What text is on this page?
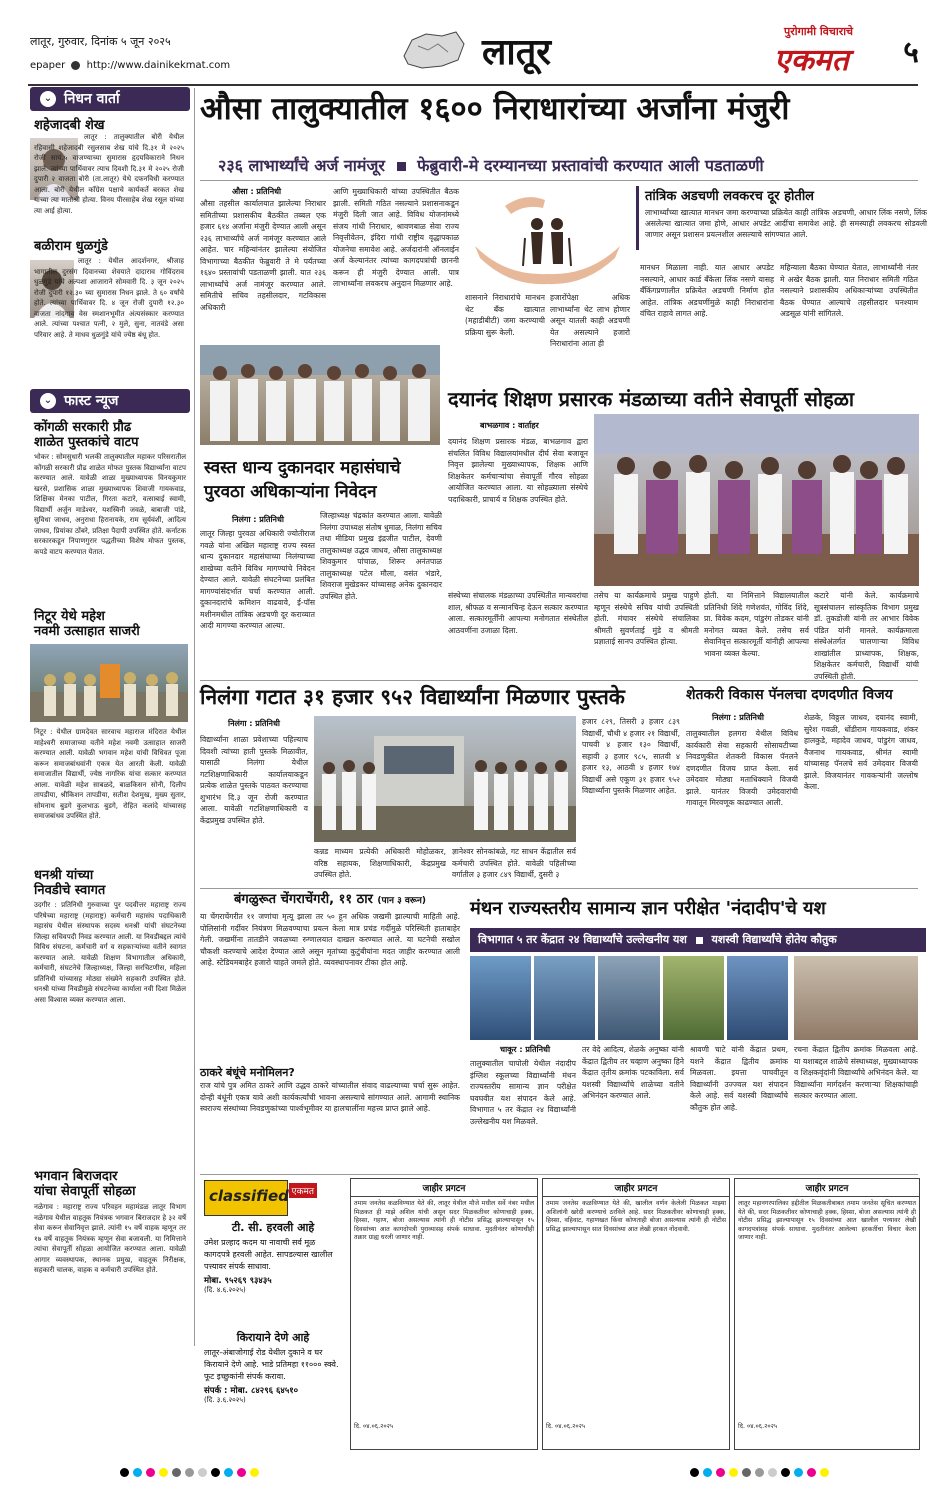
लातूर, गुरुवार, दिनांक ५ जून २०२५
epaper http://www.dainikekmat.com	लातूर	पुरोगामी विचाराचे
एकमत ५
⌄ निधन वार्ता
शहेजादबी शेख
लातूर : तालुक्यातील बोरी येथील रहिवासी शहेजादबी रसुलसाब शेख यांचे दि.३१ मे २०२५ रोजी सायं.५ वाजण्याच्या सुमारास हृदयविकाराने निधन झाले. त्यांच्या पार्थिवावर त्याच दिवशी दि.३१ मे २०२५ रोजी दुपारी २ वाजता बोरी (ता.लातूर) येथे दफनविधी करण्यात आला. बोरी येथील कॉंग्रेस पक्षाचे कार्यकर्ते बरकत शेख यांच्या त्या मातोश्री होत्या. विनय पीरसाहेब शेख रसूल यांच्या त्या आई होत्या.
बळीराम धुळगुंडे
लातूर : येथील आदर्शनगर, श्रीजाह भागातील दुरसंग दिवानच्या शेवयाते दादाराव गोविंदराव धुळगुंडे यांचे अल्पशा आजाराने सोमवारी दि. ३ जून २०२५ रोजी दुपारी १२.३० च्या सुमारास निधन झाले. ते ६० वर्षांचे होते. त्यांच्या पार्थिवावर दि. ४ जून रोजी दुपारी १२.३० वाजता नांदगाव वेस स्मशानभूमीत अंत्यसंस्कार करण्यात आले. त्यांच्या पश्चात पत्नी, २ मुले, सुना, नातवंडे असा परिवार आहे. ते माधव धुळगुंडे यांचे ज्येष्ठ बंधू होत.
⌄ फास्ट न्यूज
कोंगळी सरकारी प्रौढ
शाळेत पुस्तकांचे वाटप
भोकर : सोमसुधारी भलकी तालुक्यातील महाकर परिसरातील कोंगळी सरकारी प्रौढ शाळेत मोफत पुस्तक विद्यार्थ्यांना वाटप करण्यात आले. यावेळी शाळा मुख्याध्यापक विनयकुमार खरसे, प्रशासिक शाळा मुख्याध्यापक शिवाजी गायकवाड, शिक्षिका मेनका पाटील, गिरता कटारे, वत्साबाई स्वामी, विद्यार्थी अर्जुन माडेश्वर, यशस्विनी जवळे, बाबाजी पांडे, सुविधा जाधव, अनुराधा हिरानायके, राम सूर्यवंशी, आदित्य जाधव, प्रियांका ठोंबरे, प्रतिक्षा पैदापी उपस्थित होते. कर्नाटक सरकारकडून निपाणगुरार पद्धतीच्या विशेष मोफत पुस्तक, कपडे वाटप करण्यात येतात.
निटूर येथे महेश
नवमी उत्साहात साजरी
निटूर : येथील ग्रामदेवत सारवाच महाराज मंदिरात येथील माहेश्वरी समाजाच्या वतीने महेश नवमी उत्साहात साजरी करण्यात आली. यावेळी भगवान महेश यांची विधिवत पूजा करून समाजबांधवांनी एकत्र येत आरती केली. यावेळी समाजातील विद्यार्थी, ज्येष्ठ नागरिक यांचा सत्कार करण्यात आला. यावेळी महेश साबळदे, बाळकिसन सोनी, दिलीप तापडीया, श्रीकिशन तापडीया, सतीश देशमुख, मुख्य सुतार, सोमनाथ बुडगे कुलभाऊ बुडगे, रोहित कलांदे यांच्यासह समाजबांधव उपस्थित होते.
धनश्री यांच्या
निवडीचे स्वागत
उदगीर : प्रतिनिधी गुरुवाच्या पुर पदवीत्तर महाराष्ट्र राज्य परिषेच्या महाराष्ट्र (महाराष्ट्र) कर्मचारी महासंघ पदाधिकारी महासंघ येथील संस्थापक सदस्य धनश्री यांची संघटनेच्या जिल्हा सचिवपदी निवड करण्यात आली. या निवडीबद्दल त्यांचे विविध संघटना, कर्मचारी वर्ग व सहकाऱ्यांच्या वतीने स्वागत करण्यात आले. यावेळी शिक्षण विभागातील अधिकारी, कर्मचारी, संघटनेचे जिल्हाध्यक्ष, जिल्हा सरचिटणीस, महिला प्रतिनिधी यांच्यासह मोठ्या संख्येने सहकारी उपस्थित होते. धनश्री यांच्या निवडीमुळे संघटनेच्या कार्याला नवी दिशा मिळेल असा विश्वास व्यक्त करण्यात आला.
भगवान बिराजदार
यांचा सेवापूर्ती सोहळा
नळेगाव : महाराष्ट्र राज्य परिवहन महामंडळ लातूर विभाग नळेगाव येथील वाहतूक नियंत्रक भगवान बिराजदार हे ३२ वर्षे सेवा करून सेवानिवृत्त झाले. त्यांनी १५ वर्षे वाहक म्हणून तर १७ वर्षे वाहतूक नियंत्रक म्हणून सेवा बजावली. या निमित्ताने त्यांचा सेवापूर्ती सोहळा आयोजित करण्यात आला. यावेळी आगार व्यवस्थापक, स्थानक प्रमुख, वाहतूक निरीक्षक, सहकारी चालक, वाहक व कर्मचारी उपस्थित होते.
औसा तालुक्यातील १६०० निराधारांच्या अर्जांना मंजुरी
२३६ लाभार्थ्यांचे अर्ज नामंजूर फेब्रुवारी-मे दरम्यानच्या प्रस्तावांची करण्यात आली पडताळणी
औसा : प्रतिनिधी
औसा तहसील कार्यालयात झालेल्या निराधार समितीच्या प्रशासकीय बैठकीत तब्बल एक हजार ६१४ अर्जांना मंजुरी देण्यात आली असून २३६ लाभार्थ्यांचे अर्ज नामंजूर करण्यात आले आहेत. चार महिन्यांनंतर झालेल्या संयोजित विभागाच्या बैठकीत फेब्रुवारी ते मे पर्यंतच्या १६४० प्रस्तावांची पडताळणी झाली. यात २३६ लाभार्थ्यांचे अर्ज नामंजूर करण्यात आले. समितीचे सचिव तहसीलदार, गटविकास अधिकारी
आणि मुख्याधिकारी यांच्या उपस्थितीत बैठक झाली. समिती गठित नसल्याने प्रशासनाकडून मंजुरी दिली जात आहे. विविध योजनांमध्ये संजय गांधी निराधार, श्रावणबाळ सेवा राज्य निवृत्तीवेतन, इंदिरा गांधी राष्ट्रीय वृद्धापकाळ योजनेचा समावेश आहे. अर्जदारांनी ऑनलाईन अर्ज केल्यानंतर त्यांच्या कागदपत्रांची छाननी करून ही मंजुरी देण्यात आली. पात्र लाभार्थ्यांना लवकरच अनुदान मिळणार आहे.
शासनाने निराधारांचे मानधन थेट बँक खात्यात (महाडीबीटी) जमा करण्याची प्रक्रिया सुरू केली.
हजारोंपेक्षा अधिक लाभार्थ्यांना थेट लाभ होणार असून यातली काही अडचणी येत असल्याने हजारो निराधारांना आता ही
तांत्रिक अडचणी लवकरच दूर होतील
लाभार्थ्यांच्या खात्यात मानधन जमा करण्याच्या प्रक्रियेत काही तांत्रिक अडचणी, आधार लिंक नसणे, लिंक असलेल्या खात्यात जमा होणे, आधार अपडेट आदींचा समावेश आहे. ही समस्याही लवकरच सोडवली जाणार असून प्रशासन प्रयत्नशील असल्याचे सांगण्यात आले.
मानधन मिळाला नाही. यात आधार अपडेट नसल्याने, आधार कार्ड बँकेला लिंक नसणे यासह बँकिंगप्रणालीत प्रक्रियेत अडचणी निर्माण होत आहेत. तांत्रिक अडचणींमुळे काही निराधारांना वंचित राहावे लागत आहे.
महिन्याला बैठका घेण्यात येतात, लाभार्थ्यांनी नंतर मे अखेर बैठक झाली. यात निराधार समिती गठित नसल्याने प्रशासकीय अधिकाऱ्यांच्या उपस्थितीत बैठक घेण्यात आल्याचे तहसीलदार घनश्याम अडसूळ यांनी सांगितले.
स्वस्त धान्य दुकानदार महासंघाचे
पुरवठा अधिकाऱ्यांना निवेदन
निलंगा : प्रतिनिधी
लातूर जिल्हा पुरवठा अधिकारी ज्योतीराज गवळे यांना अखिल महाराष्ट्र राज्य स्वस्त धान्य दुकानदार महासंघाच्या निलंग्याच्या शाखेच्या वतीने विविध मागण्यांचे निवेदन देण्यात आले. यावेळी संघटनेच्या प्रलंबित मागण्यांसंदर्भात चर्चा करण्यात आली. दुकानदारांचे कमिशन वाढवावे, ई-पॉस मशीनमधील तांत्रिक अडचणी दूर कराव्यात आदी मागण्या करण्यात आल्या.
जिल्हाध्यक्ष चंद्रकांत करण्यात आला. यावेळी निलंगा उपाध्यक्ष संतोष धुमाळ, निलंगा सचिव तथा मीडिया प्रमुख इंद्रजीत पाटील, देवणी तालुकाध्यक्ष उद्धव जाधव, औसा तालुकाध्यक्ष शिवकुमार पांचाळ, शिरूर अनंतपाळ तालुकाध्यक्ष पटेल मौला, वसंत भंडारे, शिवराज मुखेडकर यांच्यासह अनेक दुकानदार उपस्थित होते.
दयानंद शिक्षण प्रसारक मंडळाच्या वतीने सेवापूर्ती सोहळा
बाभळगाव : वार्ताहर
दयानंद शिक्षण प्रसारक मंडळ, बाभळगाव द्वारा संचलित विविध विद्यालयांमधील दीर्घ सेवा बजावून निवृत्त झालेल्या मुख्याध्यापक, शिक्षक आणि शिक्षकेतर कर्मचाऱ्यांचा सेवापूर्ती गौरव सोहळा आयोजित करण्यात आला. या सोहळ्याला संस्थेचे पदाधिकारी, प्राचार्य व शिक्षक उपस्थित होते.
संस्थेच्या संचालक मंडळाच्या उपस्थितीत मान्यवरांचा शाल, श्रीफळ व सन्मानचिन्ह देऊन सत्कार करण्यात आला. सत्कारमूर्तींनी आपल्या मनोगतात संस्थेतील आठवणींना उजाळा दिला.
तसेच या कार्यक्रमाचे प्रमुख पाहुणे म्हणून संस्थेचे सचिव यांची उपस्थिती होती. मंचावर संस्थेचे संचालिका श्रीमती सुवर्णताई मुंडे व श्रीमती प्रज्ञाताई सानप उपस्थित होत्या.
होती. या निमित्ताने विद्यालयातील प्रतिनिधी शिंदे गणेशवंत, गोविंद शिंदे, प्रा. विवेक कदम, पांडुरंग तोडकर यांनी मनोगत व्यक्त केले. तसेच सर्व सेवानिवृत्त सत्कारमूर्ती यांनीही आपल्या भावना व्यक्त केल्या.
कटारे यांनी केले. कार्यक्रमाचे सूत्रसंचालन सांस्कृतिक विभाग प्रमुख डॉ. तुकडोजी यांनी तर आभार विवेक पंडित यांनी मानले. कार्यक्रमाला संस्थेअंतर्गत चालणाऱ्या विविध शाखांतील प्राध्यापक, शिक्षक, शिक्षकेतर कर्मचारी, विद्यार्थी यांची उपस्थिती होती.
निलंगा गटात ३१ हजार ९५२ विद्यार्थ्यांना मिळणार पुस्तके
निलंगा : प्रतिनिधी
विद्यार्थ्यांना शाळा प्रवेशाच्या पहिल्याच दिवशी त्यांच्या हाती पुस्तके मिळावीत, यासाठी निलंगा येथील गटशिक्षणाधिकारी कार्यालयाकडून प्रत्येक शाळेत पुस्तके पाठवत करण्याचा शुभारंभ दि.३ जून रोजी करण्यात आला. यावेळी गटशिक्षणाधिकारी व केंद्रप्रमुख उपस्थित होते.
कन्नड माध्यम प्रत्येकी अधिकारी मोहोळकर, वरिष्ठ सहायक, शिक्षणाधिकारी, केंद्रप्रमुख उपस्थित होते.
ज्ञानेश्वर सोनकांबळे, गट साधन केंद्रातील सर्व कर्मचारी उपस्थित होते. यावेळी पहिलीच्या वर्गातील ३ हजार ८४९ विद्यार्थी, दुसरी ३
हजार ८२९, तिसरी ३ हजार ८३९ विद्यार्थी, चौथी ४ हजार २१ विद्यार्थी, पाचवी ४ हजार १३० विद्यार्थी, सहावी ३ हजार ९८५, सातवी ४ हजार १३, आठवी ४ हजार १७४ विद्यार्थी असे एकूण ३१ हजार ९५२ विद्यार्थ्यांना पुस्तके मिळणार आहेत.
शेतकरी विकास पॅनलचा दणदणीत विजय
निलंगा : प्रतिनिधी
तालुक्यातील हलगरा येथील विविध कार्यकारी सेवा सहकारी सोसायटीच्या निवडणुकीत शेतकरी विकास पॅनलने दणदणीत विजय प्राप्त केला. सर्व उमेदवार मोठ्या मताधिक्याने विजयी झाले. यानंतर विजयी उमेदवारांची गावातून मिरवणूक काढण्यात आली.
शेळके, विठ्ठल जाधव, दयानंद स्वामी, सुरेश गवळी, धोंडीराम गायकवाड, शंकर हालकुडे, महादेव जाधव, पांडुरंग जाधव, वैजनाथ गायकवाड, श्रीमंत स्वामी यांच्यासह पॅनलचे सर्व उमेदवार विजयी झाले. विजयानंतर गावकऱ्यांनी जल्लोष केला.
बंगळुरूत चेंगराचेंगरी, ११ ठार (पान ३ वरून)
या चेंगराचेंगरीत ११ जणांचा मृत्यू झाला तर ५० हून अधिक जखमी झाल्याची माहिती आहे. पोलिसांनी गर्दीवर नियंत्रण मिळवण्याचा प्रयत्न केला मात्र प्रचंड गर्दीमुळे परिस्थिती हाताबाहेर गेली. जखमींना तातडीने जवळच्या रुग्णालयात दाखल करण्यात आले. या घटनेची सखोल चौकशी करण्याचे आदेश देण्यात आले असून मृतांच्या कुटुंबीयांना मदत जाहीर करण्यात आली आहे. स्टेडियमबाहेर हजारो चाहते जमले होते. व्यवस्थापनावर टीका होत आहे.
ठाकरे बंधूंचे मनोमिलन?
राज यांचे पुत्र अमित ठाकरे आणि उद्धव ठाकरे यांच्यातील संवाद वाढल्याच्या चर्चा सुरू आहेत. दोन्ही बंधूंनी एकत्र यावे अशी कार्यकर्त्यांची भावना असल्याचे सांगण्यात आले. आगामी स्थानिक स्वराज्य संस्थांच्या निवडणुकांच्या पार्श्वभूमीवर या हालचालींना महत्त्व प्राप्त झाले आहे.
मंथन राज्यस्तरीय सामान्य ज्ञान परीक्षेत 'नंदादीप'चे यश
विभागात ५ तर केंद्रात २४ विद्यार्थ्यांचे उल्लेखनीय यश यशस्वी विद्यार्थ्यांचे होतेय कौतुक
चाकूर : प्रतिनिधी
तालुक्यातील चापोली येथील नंदादीप इंग्लिश स्कूलच्या विद्यार्थ्यांनी मंथन राज्यस्तरीय सामान्य ज्ञान परीक्षेत घवघवीत यश संपादन केले आहे. विभागात ५ तर केंद्रात २४ विद्यार्थ्यांनी उल्लेखनीय यश मिळवले.
तर वेदे आदित्य, शेळके अनुष्का यांनी केंद्रात द्वितीय तर चव्हाण अनुष्का हिने केंद्रात तृतीय क्रमांक पटकाविला. सर्व यशस्वी विद्यार्थ्यांचे शाळेच्या वतीने अभिनंदन करण्यात आले.
श्रावणी चाटे यांनी केंद्रात प्रथम, यशने केंद्रात द्वितीय क्रमांक मिळवला. इयत्ता पाचवीतून विद्यार्थ्यांनी उज्ज्वल यश संपादन केले आहे. सर्व यशस्वी विद्यार्थ्यांचे कौतुक होत आहे.
रचना केंद्रात द्वितीय क्रमांक मिळवला आहे. या यशाबद्दल शाळेचे संस्थाध्यक्ष, मुख्याध्यापक व शिक्षकवृंदांनी विद्यार्थ्यांचे अभिनंदन केले. या विद्यार्थ्यांना मार्गदर्शन करणाऱ्या शिक्षकांचाही सत्कार करण्यात आला.
classified एकमत
टी. सी. हरवली आहे
उमेश प्रल्हाद कदम या नावाची सर्व मूळ कागदपत्रे हरवली आहेत. सापडल्यास खालील पत्त्यावर संपर्क साधावा.
मोबा. ९५२६९ ९३४३५
(दि. ४.६.२०२५)
किरायाने देणे आहे
लातूर-अंबाजोगाई रोड येथील दुकाने व घर किरायाने देणे आहे. भाडे प्रतिमहा ११००० स्क्वे. फूट इच्छुकांनी संपर्क करावा.
संपर्क : मोबा. ८४२९६ ६४५१०
(दि. ३.६.२०२५)
जाहीर प्रगटन
तमाम जनतेस कळविण्यात येते की, लातूर येथील मौजे मधील सर्वे नंबर मधील मिळकत ही माझे अशिल यांची असून सदर मिळकतीवर कोणाचाही हक्क, हिस्सा, गहाण, बोजा असल्यास त्यांनी ही नोटीस प्रसिद्ध झाल्यापासून १५ दिवसांच्या आत कागदोपत्री पुराव्यासह संपर्क साधावा. मुदतीनंतर कोणाचीही तक्रार ग्राह्य धरली जाणार नाही.
दि. ०४.०६.२०२५
जाहीर प्रगटन
तमाम जनतेस कळविण्यात येते की, खालील वर्णन केलेली मिळकत माझ्या अशिलांनी खरेदी करण्याचे ठरविले आहे. सदर मिळकतीवर कोणाचाही हक्क, हिस्सा, वहिवाट, गहाणखत किंवा कोणताही बोजा असल्यास त्यांनी ही नोटीस प्रसिद्ध झाल्यापासून सात दिवसांच्या आत लेखी हरकत नोंदवावी.
दि. ०४.०६.२०२५
जाहीर प्रगटन
लातूर महानगरपालिका हद्दीतील मिळकतीबाबत तमाम जनतेस सूचित करण्यात येते की, सदर मिळकतीवर कोणाचाही हक्क, हिस्सा, बोजा असल्यास त्यांनी ही नोटीस प्रसिद्ध झाल्यापासून १५ दिवसांच्या आत खालील पत्त्यावर लेखी कागदपत्रांसह संपर्क साधावा. मुदतीनंतर आलेल्या हरकतींचा विचार केला जाणार नाही.
दि. ०४.०६.२०२५
